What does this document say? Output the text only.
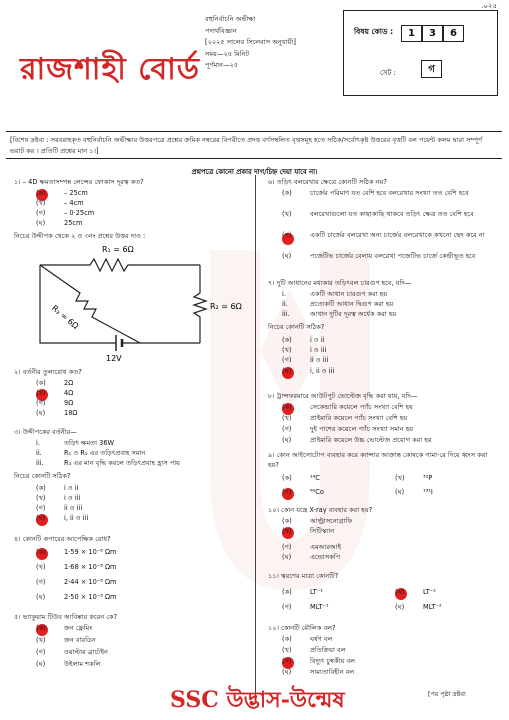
.০২৫
রাজশাহী বোর্ড
বহুনির্বাচনি অভীক্ষা
পদার্থবিজ্ঞান
[২০২৫ সালের সিলেবাস অনুযায়ী]
সময়—২৫ মিনিট
পূর্ণমান—২৫
বিষয় কোড :	1	3	6
সেট :	গ
[বিশেষ দ্রষ্টব্য : সরবরাহকৃত বহুনির্বাচনি অভীক্ষার উত্তরপত্রে প্রশ্নের ক্রমিক নম্বরের বিপরীতে প্রদত্ত বর্ণসম্বলিত বৃত্তসমূহ হতে সঠিক/সর্বোৎকৃষ্ট উত্তরের বৃত্তটি বল পয়েন্ট কলম দ্বারা সম্পূর্ণ ভরাট কর । প্রতিটি প্রশ্নের মান ১।]
প্রশ্নপত্রে কোনো প্রকার দাগ/চিহ্ন দেয়া যাবে না।
১। – 4D ক্ষমতাসম্পন্ন লেন্সের ফোকাস দূরত্ব কত?
(ক)	– 25cm
(খ)	– 4cm
(গ)	– 0·25cm
(ঘ)	25cm
নিচের উদ্দীপক থেকে ২ ও ৩নং প্রশ্নের উত্তর দাও :
R₁ = 6Ω
R₂ = 6Ω
R₃ = 6Ω
12V
২। বর্তনীর তুল্যরোধ কত?
(ক)	2Ω
(খ)	4Ω
(গ)	9Ω
(ঘ)	18Ω
৩। উদ্দীপকের বর্তনীর—
i.	তড়িৎ ক্ষমতা 36W
ii.	R₁ ও R₃ এর তড়িৎপ্রবাহ সমান
iii.	R₃ এর মান বৃদ্ধি করলে তড়িৎপ্রবাহ হ্রাস পায়
নিচের কোনটি সঠিক?
(ক)	i ও ii
(খ)	i ও iii
(গ)	ii ও iii
(ঘ)	i, ii ও iii
৪। কোনটি কপারের আপেক্ষিক রোধ?
(ক)	1·59 × 10⁻⁸ Ωm
(খ)	1·68 × 10⁻⁸ Ωm
(গ)	2·44 × 10⁻⁸ Ωm
(ঘ)	2·50 × 10⁻⁸ Ωm
৫। ভ্যাকুয়াম টিউব আবিষ্কার করেন কে?
(ক)	জন ফ্লেমিং
(খ)	জন বারডিন
(গ)	ওয়াল্টার ব্রাটেইন
(ঘ)	উইলাম শকলি
৬। তড়িৎ বলরেখার ক্ষেত্রে কোনটি সঠিক নয়?
(ক)	চার্জের পরিমাণ যত বেশি হবে বলরেখার সংখ্যা তত বেশি হবে
(খ)	বলরেখাগুলো যত কাছাকাছি থাকবে তড়িৎ ক্ষেত্র তত বেশি হবে
(গ)	একটি চার্জের বলরেখা অন্য চার্জের বলরেখাকে কখনো ছেদ করে না
(ঘ)	পজেটিভ চার্জের বেলায় বলরেখা পজেটিভ চার্জে কেন্দ্রীভূত হবে
৭। দুটি আধানের মধ্যকার তড়িৎবল চারগুণ হবে, যদি—
i.	একটি আধান চারগুণ করা হয়
ii.	প্রত্যেকটি আধান দ্বিগুণ করা হয়
iii.	আধান দুটির দূরত্ব অর্ধেক করা হয়
নিচের কোনটি সঠিক?
(ক)	i ও ii
(খ)	i ও iii
(গ)	ii ও iii
(ঘ)	i, ii ও iii
৮। ট্রান্সফরমারে আউটপুট ভোল্টেজ বৃদ্ধি করা যায়, যদি—
(ক)	সেকেন্ডারি কয়েলে প্যাঁচ সংখ্যা বেশি হয়
(খ)	প্রাইমারি কয়েলে প্যাঁচ সংখ্যা বেশি হয়
(গ)	দুই পাশের কয়েলে প্যাঁচ সংখ্যা সমান হয়
(ঘ)	প্রাইমারি কয়েলে উচ্চ ভোল্টেজ প্রয়োগ করা হয়
৯। কোন আইসোটোপ ব্যবহার করে ক্যান্সার আক্রান্ত কোষকে গামা-রে দিয়ে ধ্বংস করা হয়?
(ক)	¹⁴C	(খ)	³²P
(গ)	⁶⁰Co	(ঘ)	¹³¹I
১০। কোন যন্ত্রে X-ray ব্যবহার করা হয়?
(ক)	আল্ট্রাসনোগ্রাফি
(খ)	সিটিস্ক্যান
(গ)	এমআরআই
(ঘ)	এন্ডোসকপি
১১। ত্বরণের মাত্রা কোনটি?
(ক)	LT⁻¹	(খ)	LT⁻²
(গ)	MLT⁻¹	(ঘ)	MLT⁻²
১২। কোনটি মৌলিক বল?
(ক)	ঘর্ষণ বল
(খ)	প্রতিক্রিয়া বল
(গ)	বিদ্যুৎ চুম্বকীয় বল
(ঘ)	সাম্যতাবিহীন বল
SSC উদ্ভাস-উন্মেষ	[পর পৃষ্ঠা দ্রষ্টব্য
